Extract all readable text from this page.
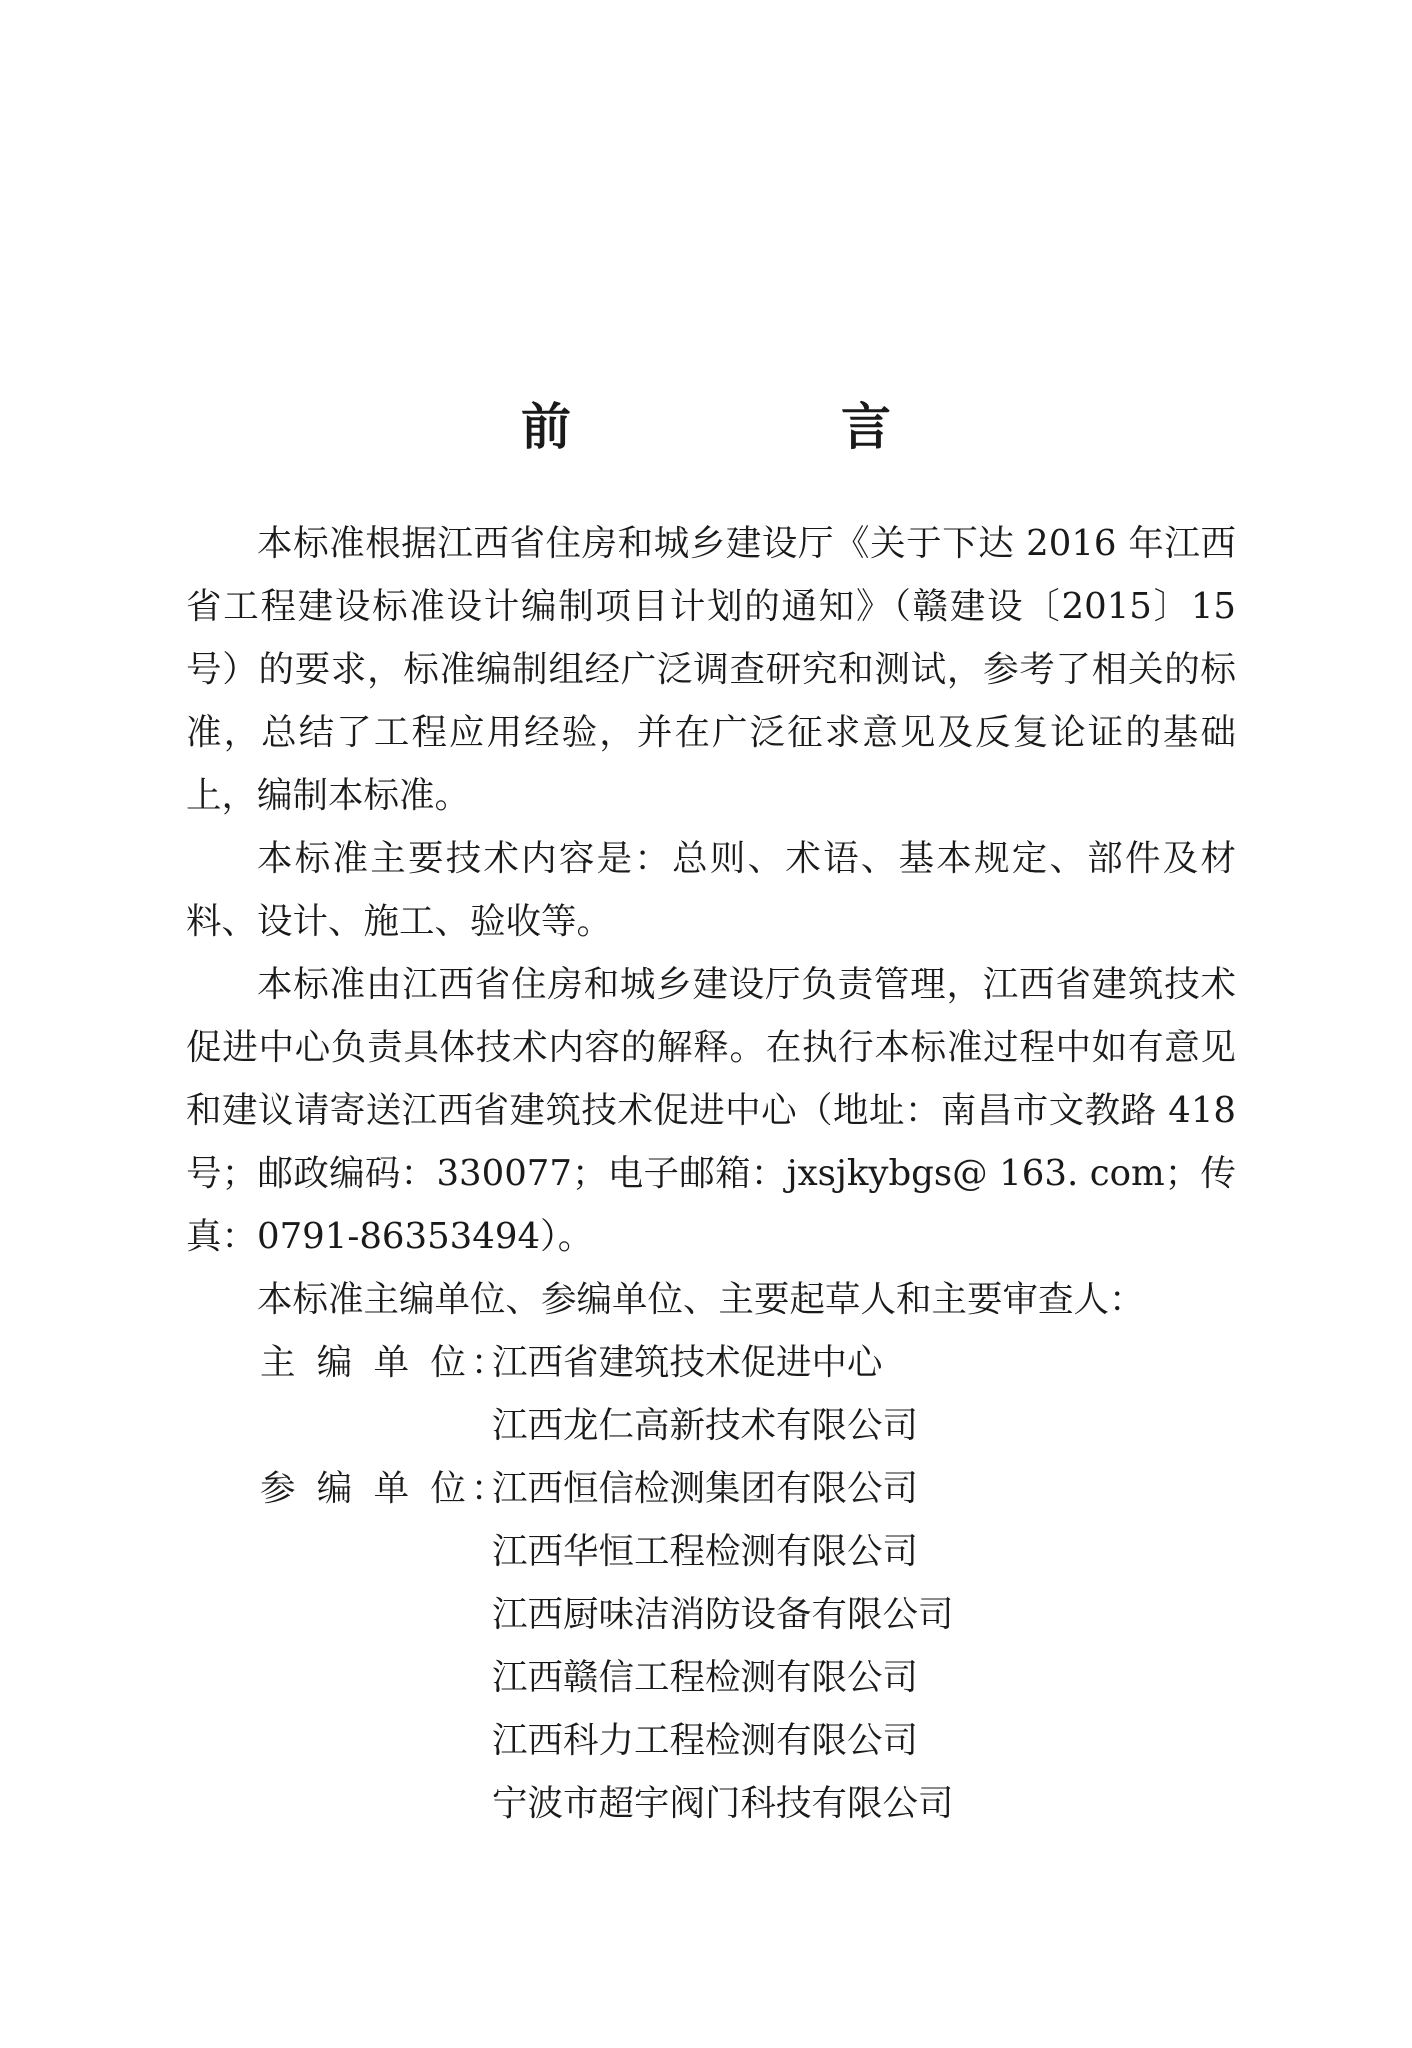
前　言

本标准根据江西省住房和城乡建设厅《关于下达 2016 年江西省工程建设标准设计编制项目计划的通知》（赣建设〔2015〕15 号）的要求，标准编制组经广泛调查研究和测试，参考了相关的标准，总结了工程应用经验，并在广泛征求意见及反复论证的基础上，编制本标准。

本标准主要技术内容是：总则、术语、基本规定、部件及材料、设计、施工、验收等。

本标准由江西省住房和城乡建设厅负责管理，江西省建筑技术促进中心负责具体技术内容的解释。在执行本标准过程中如有意见和建议请寄送江西省建筑技术促进中心（地址：南昌市文教路 418 号；邮政编码：330077；电子邮箱：jxsjkybgs@ 163. com；传真：0791-86353494）。

本标准主编单位、参编单位、主要起草人和主要审查人：

主 编 单 位：
江西省建筑技术促进中心
江西龙仁高新技术有限公司
参 编 单 位：
江西恒信检测集团有限公司
江西华恒工程检测有限公司
江西厨味洁消防设备有限公司
江西赣信工程检测有限公司
江西科力工程检测有限公司
宁波市超宇阀门科技有限公司
